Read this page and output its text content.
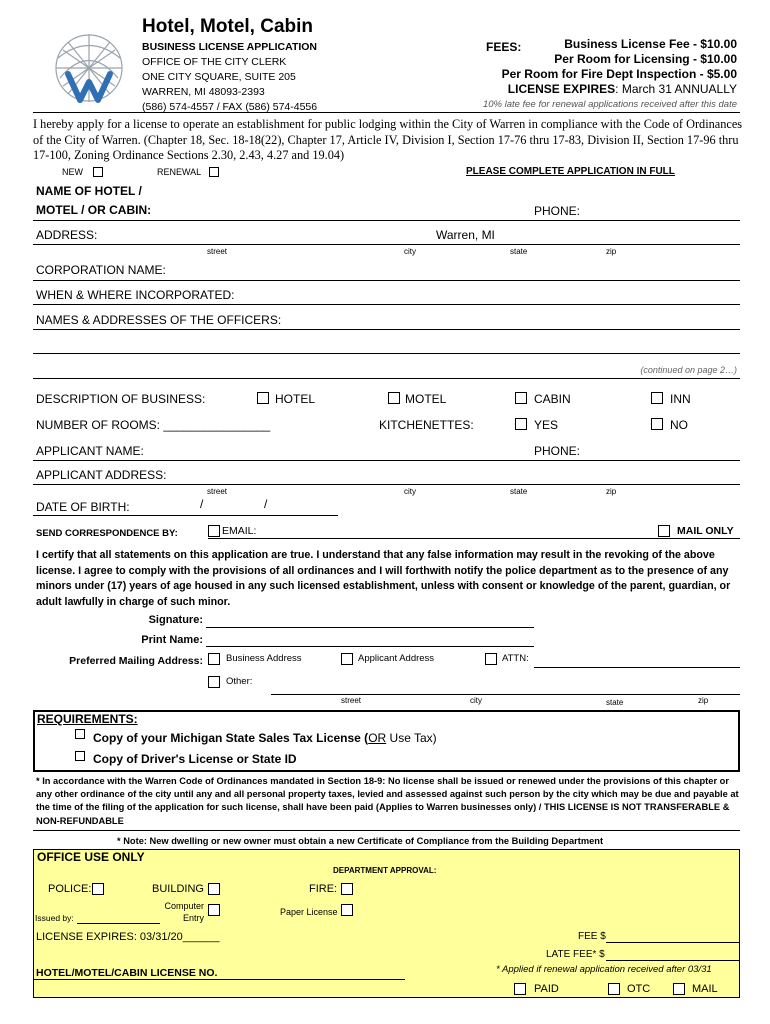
Hotel, Motel, Cabin
BUSINESS LICENSE APPLICATION
OFFICE OF THE CITY CLERK
ONE CITY SQUARE, SUITE 205
WARREN, MI 48093-2393
(586) 574-4557 / FAX (586) 574-4556
FEES:	Business License Fee - $10.00
Per Room for Licensing - $10.00
Per Room for Fire Dept Inspection - $5.00
LICENSE EXPIRES: March 31 ANNUALLY
10% late fee for renewal applications received after this date
I hereby apply for a license to operate an establishment for public lodging within the City of Warren in compliance with the Code of Ordinances of the City of Warren. (Chapter 18, Sec. 18-18(22), Chapter 17, Article IV, Division I, Section 17-76 thru 17-83, Division II, Section 17-96 thru 17-100, Zoning Ordinance Sections 2.30, 2.43, 4.27 and 19.04)
NEW	RENEWAL	PLEASE COMPLETE APPLICATION IN FULL
NAME OF HOTEL /
MOTEL / OR CABIN:	PHONE:
ADDRESS:	Warren, MI
street	city	state	zip
CORPORATION NAME:
WHEN & WHERE INCORPORATED:
NAMES & ADDRESSES OF THE OFFICERS:
(continued on page 2…)
DESCRIPTION OF BUSINESS:	HOTEL	MOTEL	CABIN	INN
NUMBER OF ROOMS: ________________	KITCHENETTES:	YES	NO
APPLICANT NAME:	PHONE:
APPLICANT ADDRESS:
street	city	state	zip
DATE OF BIRTH:	/	/
SEND CORRESPONDENCE BY:	EMAIL:	MAIL ONLY
I certify that all statements on this application are true. I understand that any false information may result in the revoking of the above license. I agree to comply with the provisions of all ordinances and I will forthwith notify the police department as to the presence of any minors under (17) years of age housed in any such licensed establishment, unless with consent or knowledge of the parent, guardian, or adult lawfully in charge of such minor.
Signature:
Print Name:
Preferred Mailing Address: Business Address	Applicant Address	ATTN:
Other:
street	city	state	zip
REQUIREMENTS:
Copy of your Michigan State Sales Tax License (OR Use Tax)
Copy of Driver's License or State ID
* In accordance with the Warren Code of Ordinances mandated in Section 18-9: No license shall be issued or renewed under the provisions of this chapter or any other ordinance of the city until any and all personal property taxes, levied and assessed against such person by the city which may be due and payable at the time of the filing of the application for such license, shall have been paid (Applies to Warren businesses only) / THIS LICENSE IS NOT TRANSFERABLE & NON-REFUNDABLE
* Note: New dwelling or new owner must obtain a new Certificate of Compliance from the Building Department
OFFICE USE ONLY
DEPARTMENT APPROVAL:
POLICE:	BUILDING	FIRE:
Computer
Entry
Issued by:
Paper License
LICENSE EXPIRES: 03/31/20______	FEE $
LATE FEE* $
* Applied if renewal application received after 03/31
HOTEL/MOTEL/CABIN LICENSE NO.
PAID	OTC	MAIL
